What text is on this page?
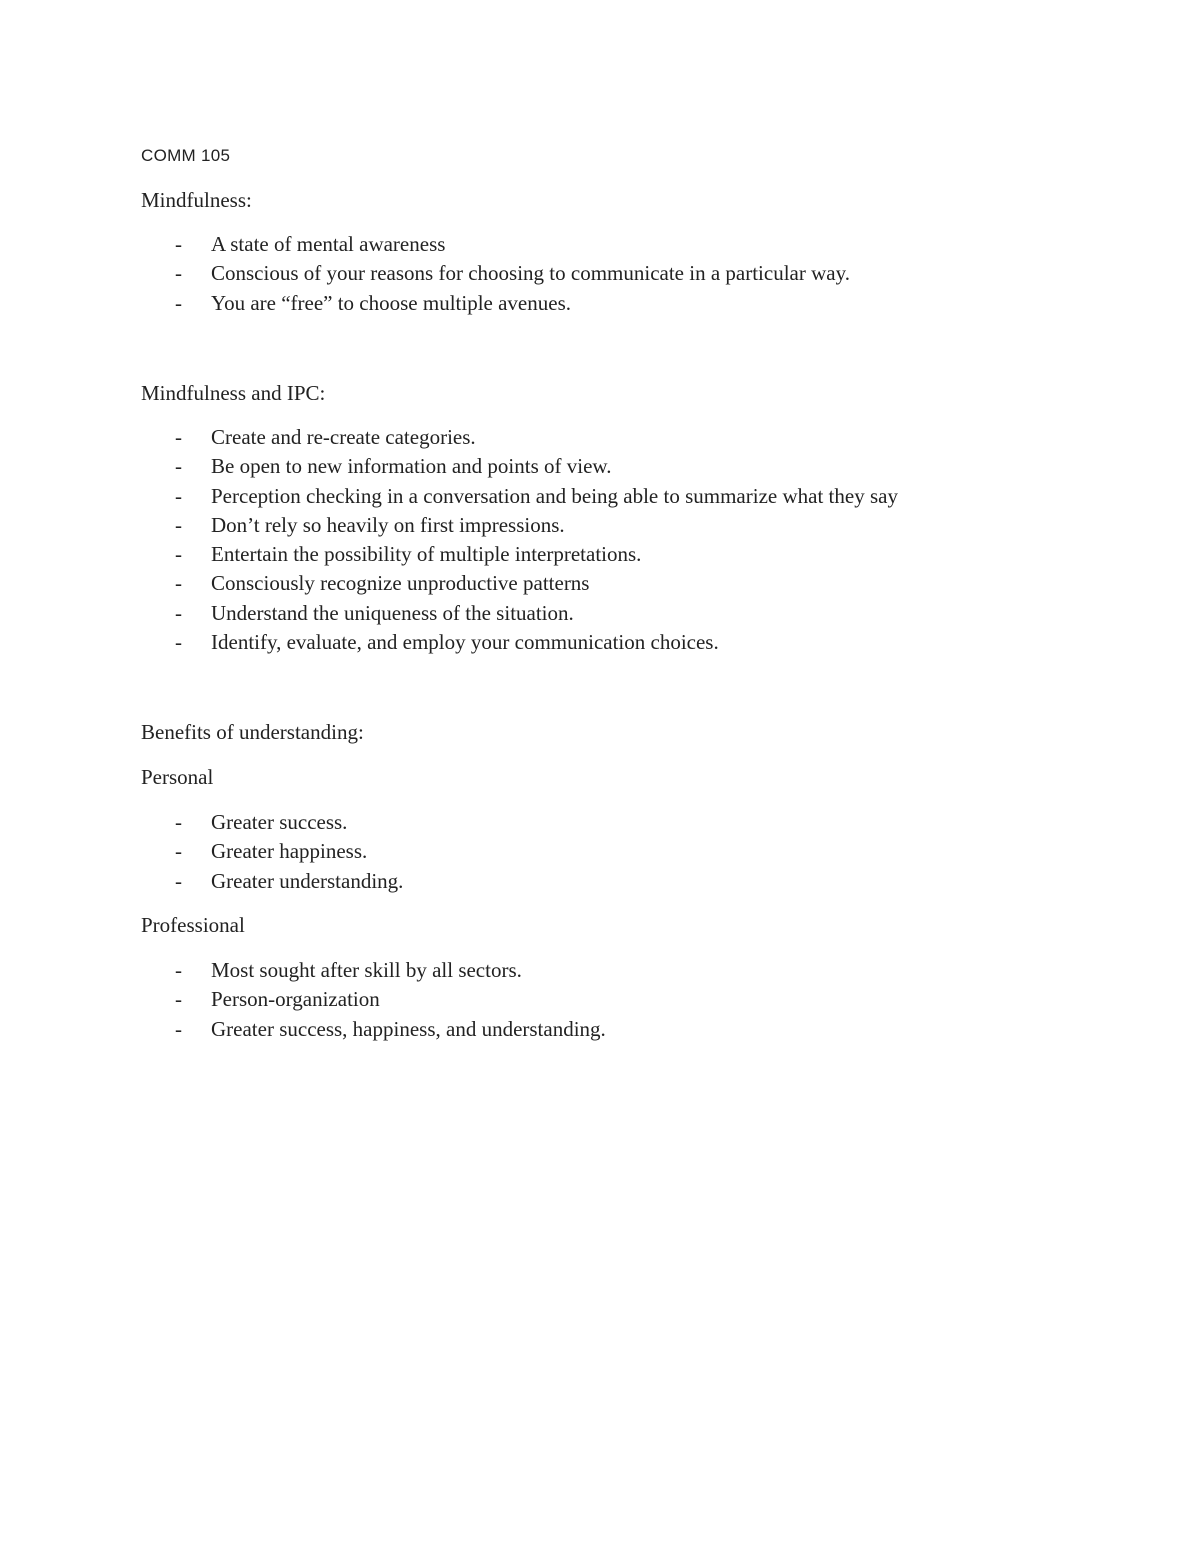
COMM 105
Mindfulness:
- A state of mental awareness
- Conscious of your reasons for choosing to communicate in a particular way.
- You are “free” to choose multiple avenues.
Mindfulness and IPC:
- Create and re-create categories.
- Be open to new information and points of view.
- Perception checking in a conversation and being able to summarize what they say
- Don’t rely so heavily on first impressions.
- Entertain the possibility of multiple interpretations.
- Consciously recognize unproductive patterns
- Understand the uniqueness of the situation.
- Identify, evaluate, and employ your communication choices.
Benefits of understanding:
Personal
- Greater success.
- Greater happiness.
- Greater understanding.
Professional
- Most sought after skill by all sectors.
- Person-organization
- Greater success, happiness, and understanding.
